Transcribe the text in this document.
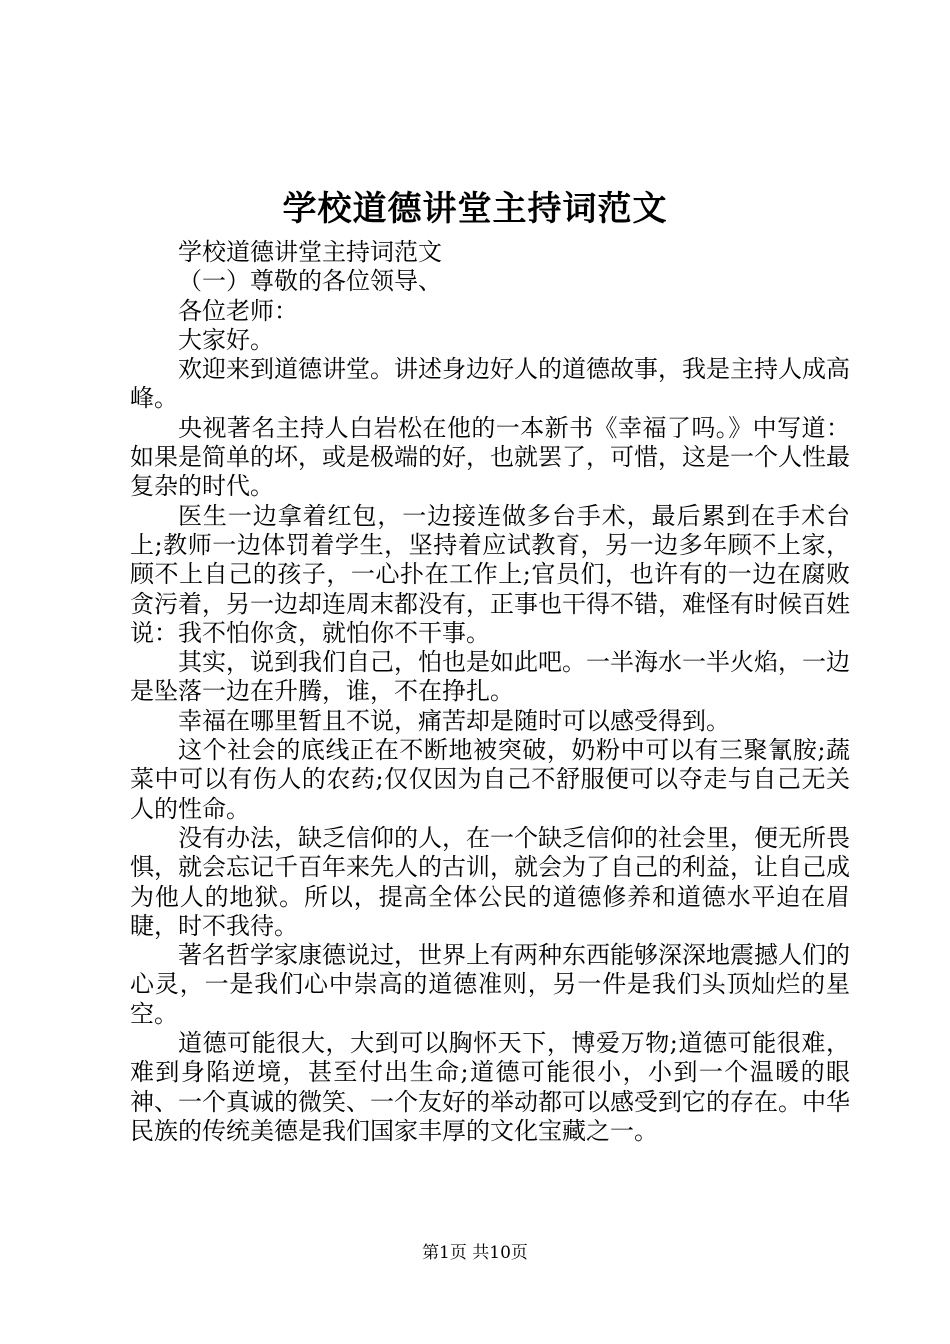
学校道德讲堂主持词范文

学校道德讲堂主持词范文

（一）尊敬的各位领导、

各位老师：

大家好。

欢迎来到道德讲堂。讲述身边好人的道德故事，我是主持人成高峰。

央视著名主持人白岩松在他的一本新书《幸福了吗。》中写道：如果是简单的坏，或是极端的好，也就罢了，可惜，这是一个人性最复杂的时代。

医生一边拿着红包，一边接连做多台手术，最后累到在手术台上;教师一边体罚着学生，坚持着应试教育，另一边多年顾不上家，顾不上自己的孩子，一心扑在工作上;官员们，也许有的一边在腐败贪污着，另一边却连周末都没有，正事也干得不错，难怪有时候百姓说：我不怕你贪，就怕你不干事。

其实，说到我们自己，怕也是如此吧。一半海水一半火焰，一边是坠落一边在升腾，谁，不在挣扎。

幸福在哪里暂且不说，痛苦却是随时可以感受得到。

这个社会的底线正在不断地被突破，奶粉中可以有三聚氰胺;蔬菜中可以有伤人的农药;仅仅因为自己不舒服便可以夺走与自己无关人的性命。

没有办法，缺乏信仰的人，在一个缺乏信仰的社会里，便无所畏惧，就会忘记千百年来先人的古训，就会为了自己的利益，让自己成为他人的地狱。所以，提高全体公民的道德修养和道德水平迫在眉睫，时不我待。

著名哲学家康德说过，世界上有两种东西能够深深地震撼人们的心灵，一是我们心中崇高的道德准则，另一件是我们头顶灿烂的星空。

道德可能很大，大到可以胸怀天下，博爱万物;道德可能很难，难到身陷逆境，甚至付出生命;道德可能很小，小到一个温暖的眼神、一个真诚的微笑、一个友好的举动都可以感受到它的存在。中华民族的传统美德是我们国家丰厚的文化宝藏之一。

第1页 共10页
